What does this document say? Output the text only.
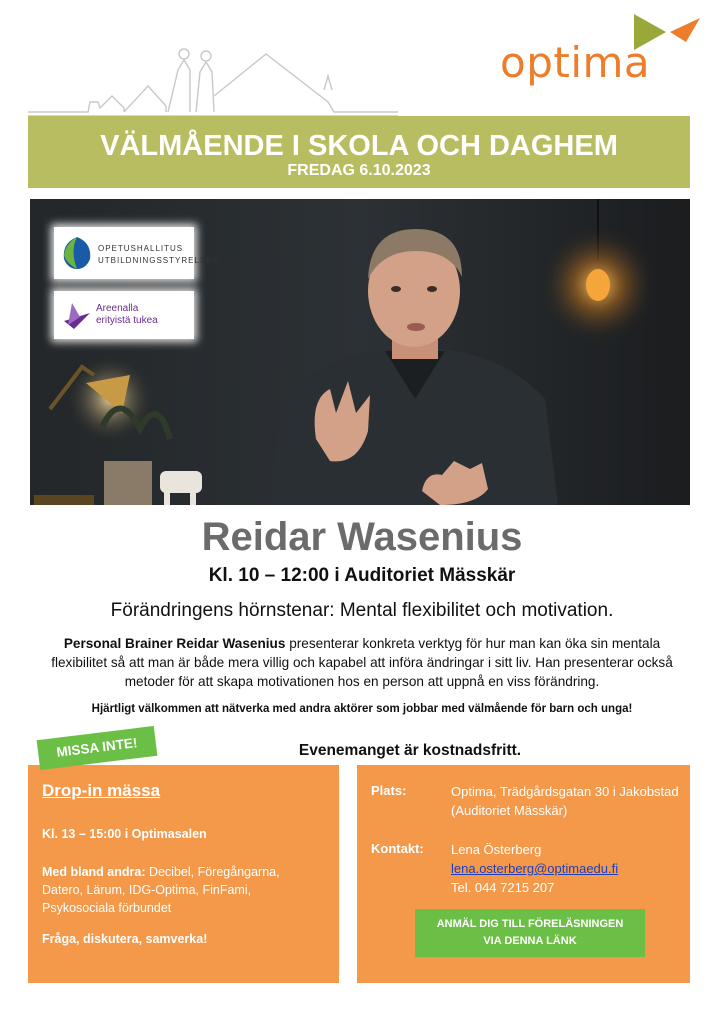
optima
VÄLMÅENDE I SKOLA OCH DAGHEM
FREDAG 6.10.2023
OPETUSHALLITUS
UTBILDNINGSSTYRELSEN
Areenalla
erityistä tukea
Reidar Wasenius
Kl. 10 – 12:00 i Auditoriet Mässkär
Förändringens hörnstenar: Mental flexibilitet och motivation.
Personal Brainer Reidar Wasenius presenterar konkreta verktyg för hur man kan öka sin mentala flexibilitet så att man är både mera villig och kapabel att införa ändringar i sitt liv. Han presenterar också metoder för att skapa motivationen hos en person att uppnå en viss förändring.
Hjärtligt välkommen att nätverka med andra aktörer som jobbar med välmående för barn och unga!
MISSA INTE!	Evenemanget är kostnadsfritt.
Drop-in mässa
Kl. 13 – 15:00 i Optimasalen
Med bland andra: Decibel, Föregångarna, Datero, Lärum, IDG-Optima, FinFami, Psykosociala förbundet
Fråga, diskutera, samverka!
Plats:	Optima, Trädgårdsgatan 30 i Jakobstad (Auditoriet Mässkär)
Kontakt: Lena Österberg
lena.osterberg@optimaedu.fi
Tel. 044 7215 207
ANMÄL DIG TILL FÖRELÄSNINGEN
VIA DENNA LÄNK
